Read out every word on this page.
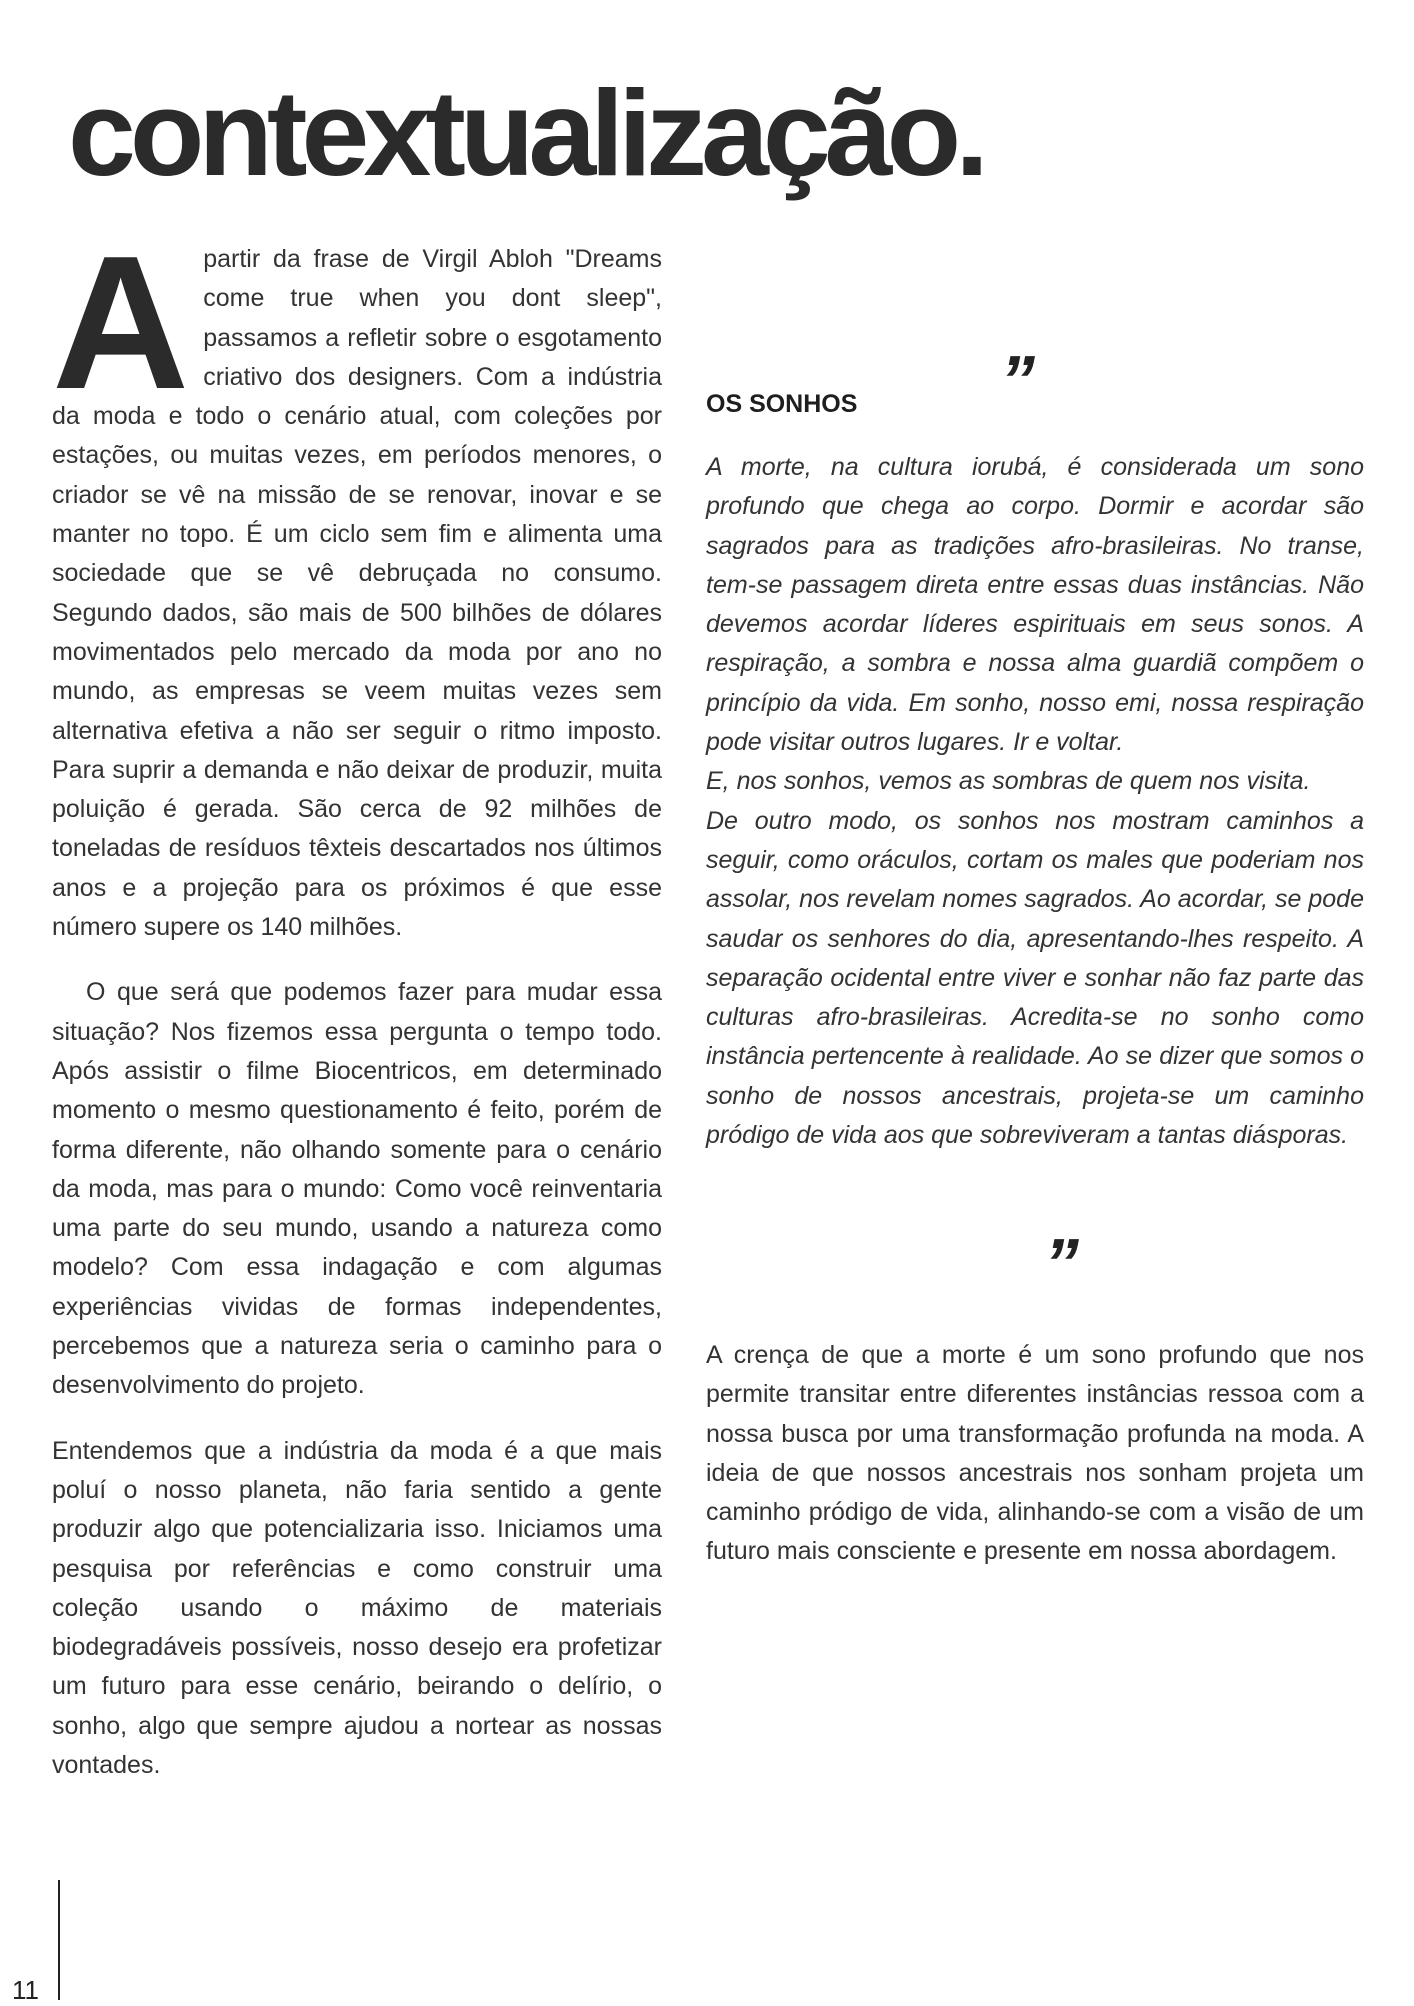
contextualização.

Apartir da frase de Virgil Abloh "Dreams come true when you dont sleep", passamos a refletir sobre o esgotamento criativo dos designers. Com a indústria da moda e todo o cenário atual, com coleções por estações, ou muitas vezes, em períodos menores, o criador se vê na missão de se renovar, inovar e se manter no topo. É um ciclo sem fim e alimenta uma sociedade que se vê debruçada no consumo. Segundo dados, são mais de 500 bilhões de dólares movimentados pelo mercado da moda por ano no mundo, as empresas se veem muitas vezes sem alternativa efetiva a não ser seguir o ritmo imposto. Para suprir a demanda e não deixar de produzir, muita poluição é gerada. São cerca de 92 milhões de toneladas de resíduos têxteis descartados nos últimos anos e a projeção para os próximos é que esse número supere os 140 milhões.

O que será que podemos fazer para mudar essa situação? Nos fizemos essa pergunta o tempo todo. Após assistir o filme Biocentricos, em determinado momento o mesmo questionamento é feito, porém de forma diferente, não olhando somente para o cenário da moda, mas para o mundo: Como você reinventaria uma parte do seu mundo, usando a natureza como modelo? Com essa indagação e com algumas experiências vividas de formas independentes, percebemos que a natureza seria o caminho para o desenvolvimento do projeto.

Entendemos que a indústria da moda é a que mais poluí o nosso planeta, não faria sentido a gente produzir algo que potencializaria isso. Iniciamos uma pesquisa por referências e como construir uma coleção usando o máximo de materiais biodegradáveis possíveis, nosso desejo era profetizar um futuro para esse cenário, beirando o delírio, o sonho, algo que sempre ajudou a nortear as nossas vontades.

”
OS SONHOS
A morte, na cultura iorubá, é considerada um sono profundo que chega ao corpo. Dormir e acordar são sagrados para as tradições afro-brasileiras. No transe, tem-se passagem direta entre essas duas instâncias. Não devemos acordar líderes espirituais em seus sonos. A respiração, a sombra e nossa alma guardiã compõem o princípio da vida. Em sonho, nosso emi, nossa respiração pode visitar outros lugares. Ir e voltar.
E, nos sonhos, vemos as sombras de quem nos visita.
De outro modo, os sonhos nos mostram caminhos a seguir, como oráculos, cortam os males que poderiam nos assolar, nos revelam nomes sagrados. Ao acordar, se pode saudar os senhores do dia, apresentando-lhes respeito. A separação ocidental entre viver e sonhar não faz parte das culturas afro-brasileiras. Acredita-se no sonho como instância pertencente à realidade. Ao se dizer que somos o sonho de nossos ancestrais, projeta-se um caminho pródigo de vida aos que sobreviveram a tantas diásporas.
”

A crença de que a morte é um sono profundo que nos permite transitar entre diferentes instâncias ressoa com a nossa busca por uma transformação profunda na moda. A ideia de que nossos ancestrais nos sonham projeta um caminho pródigo de vida, alinhando-se com a visão de um futuro mais consciente e presente em nossa abordagem.

11
